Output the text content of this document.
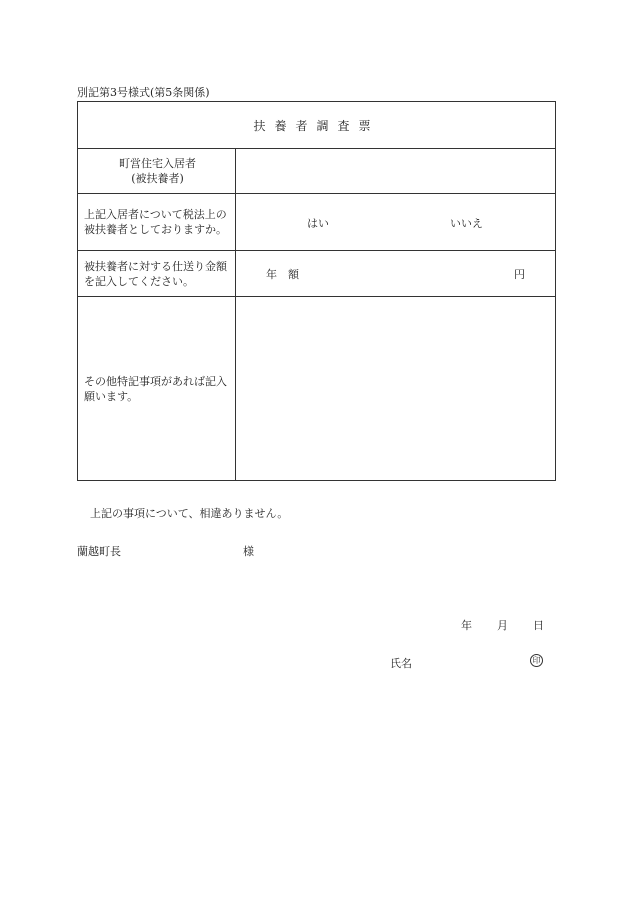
別記第3号様式(第5条関係)
扶養者調査票
町営住宅入居者
(被扶養者)
上記入居者について税法上の被扶養者としておりますか。	はい	いいえ
被扶養者に対する仕送り金額を記入してください。	年　額	円
その他特記事項があれば記入願います。
上記の事項について、相違ありません。
蘭越町長	様
年 月 日
氏名	印
